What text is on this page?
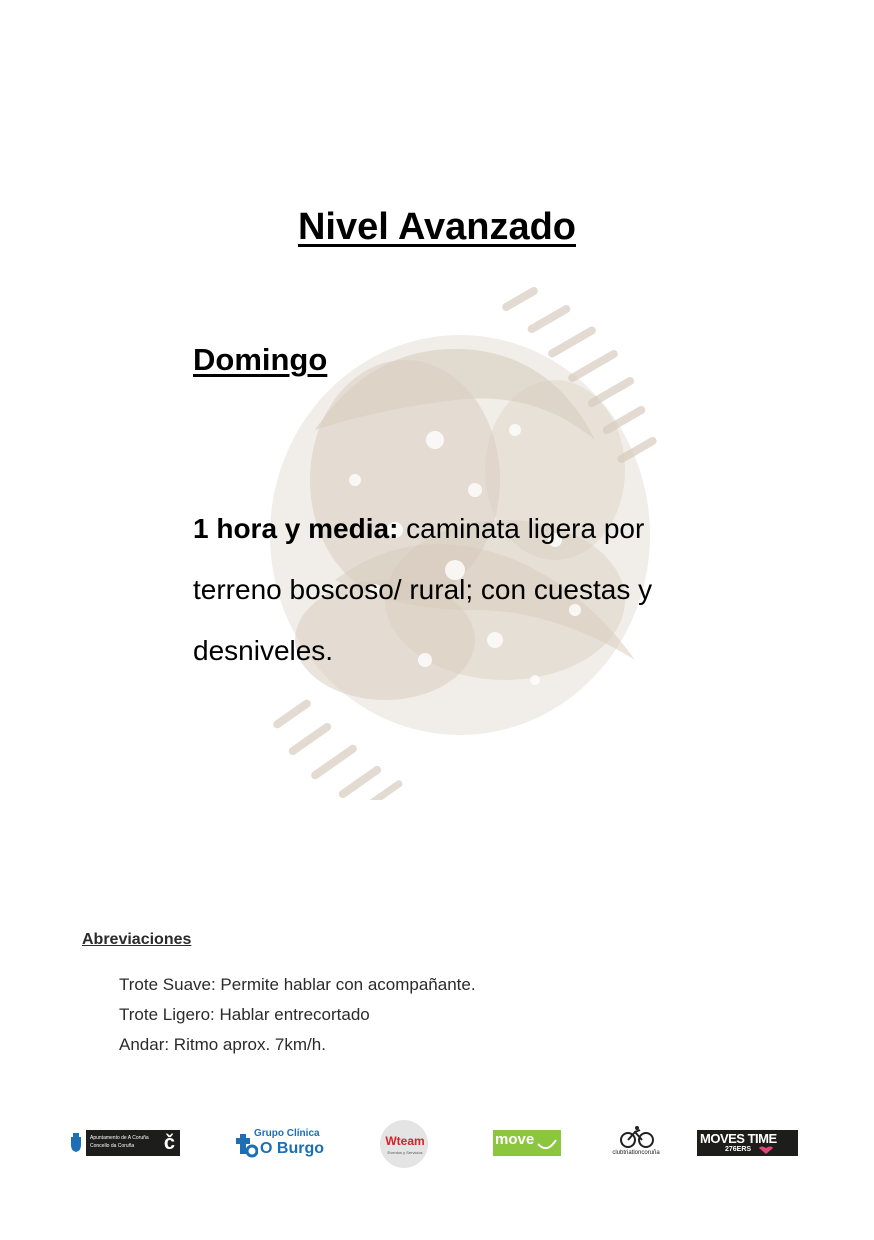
Nivel Avanzado
Domingo
1 hora y media: caminata ligera por terreno boscoso/ rural; con cuestas y desniveles.
Abreviaciones
Trote Suave: Permite hablar con acompañante.
Trote Ligero: Hablar entrecortado
Andar: Ritmo aprox. 7km/h.
Apuntamento de A Coruña
Concello da Coruña č	Grupo Clínica
O Burgo	Wteam
Eventos y Servicios
move
clubtriatloncoruña
MOVES TIME
276ERS
